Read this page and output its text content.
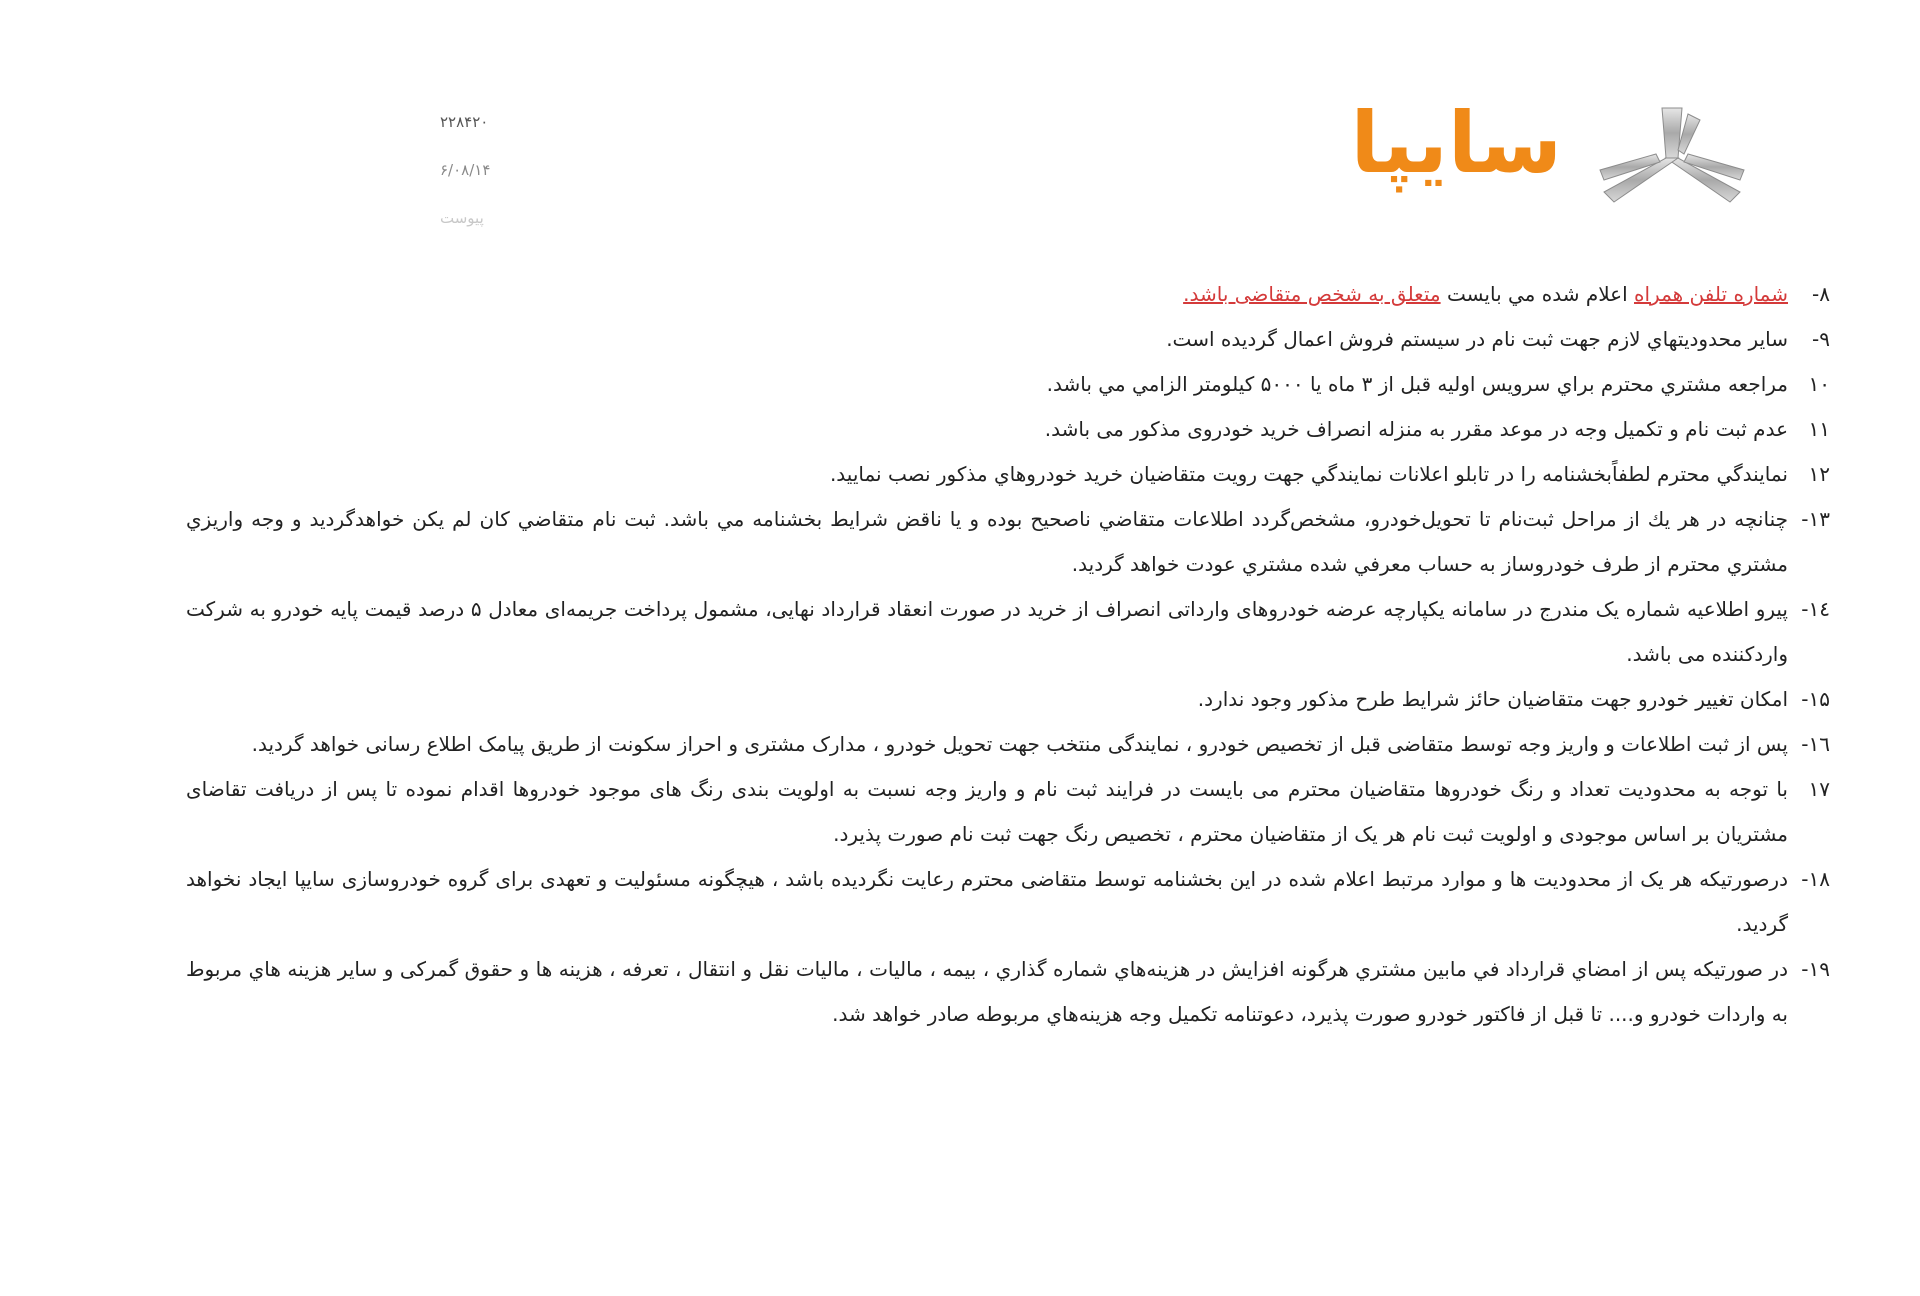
سایپا
۲۲۸۴۲۰
۶/۰۸/۱۴
پیوست
۸-
شماره تلفن همراه اعلام شده مي بایست متعلق به شخص متقاضی باشد.
۹-
سایر محدودیتهاي لازم جهت ثبت نام در سیستم فروش اعمال گردیده است.
۱۰
مراجعه مشتري محترم براي سرویس اولیه قبل از ۳ ماه یا ۵۰۰۰ کیلومتر الزامي مي باشد.
۱۱
عدم ثبت نام و تکمیل وجه در موعد مقرر به منزله انصراف خرید خودروی مذکور می باشد.
۱۲
نمایندگي محترم لطفاًبخشنامه را در تابلو اعلانات نمایندگي جهت رویت متقاضیان خرید خودروهاي مذکور نصب نمایید.
۱۳-
چنانچه در هر یك از مراحل ثبت‌نام تا تحویل‌خودرو، مشخص‌گردد اطلاعات متقاضي ناصحیح بوده و یا ناقض شرایط بخشنامه مي باشد. ثبت نام متقاضي کان لم یکن خواهدگردید و وجه واریزي مشتري محترم از طرف خودروساز به حساب معرفي شده مشتري عودت خواهد گردید.
۱٤-
پیرو اطلاعیه شماره یک مندرج در سامانه یکپارچه عرضه خودروهای وارداتی انصراف از خرید در صورت انعقاد قرارداد نهایی، مشمول پرداخت جریمه‌ای معادل ۵ درصد قیمت پایه خودرو به شرکت واردکننده می باشد.
۱۵-
امکان تغییر خودرو جهت متقاضیان حائز شرایط طرح مذکور وجود ندارد.
۱٦-
پس از ثبت اطلاعات و واریز وجه توسط متقاضی قبل از تخصیص خودرو ، نمایندگی منتخب جهت تحویل خودرو ، مدارک مشتری و احراز سکونت از طریق پیامک اطلاع رسانی خواهد گردید.
۱۷
با توجه به محدودیت تعداد و رنگ خودروها متقاضیان محترم می بایست در فرایند ثبت نام و واریز وجه نسبت به اولویت بندی رنگ های موجود خودروها اقدام نموده تا پس از دریافت تقاضای مشتریان بر اساس موجودی و اولویت ثبت نام هر یک از متقاضیان محترم ، تخصیص رنگ جهت ثبت نام صورت پذیرد.
۱۸-
درصورتیکه هر یک از محدودیت ها و موارد مرتبط اعلام شده در این بخشنامه توسط متقاضی محترم رعایت نگردیده باشد ، هیچگونه مسئولیت و تعهدی برای گروه خودروسازی سایپا ایجاد نخواهد گردید.
۱۹-
در صورتیکه پس از امضاي قرارداد في مابین مشتري هرگونه افزایش در هزینه‌هاي شماره گذاري ، بیمه ، مالیات ، مالیات نقل و انتقال ، تعرفه ، هزینه ها و حقوق گمرکی و سایر هزینه هاي مربوط به واردات خودرو و.... تا قبل از فاکتور خودرو صورت پذیرد، دعوتنامه تکمیل وجه هزینه‌هاي مربوطه صادر خواهد شد.
